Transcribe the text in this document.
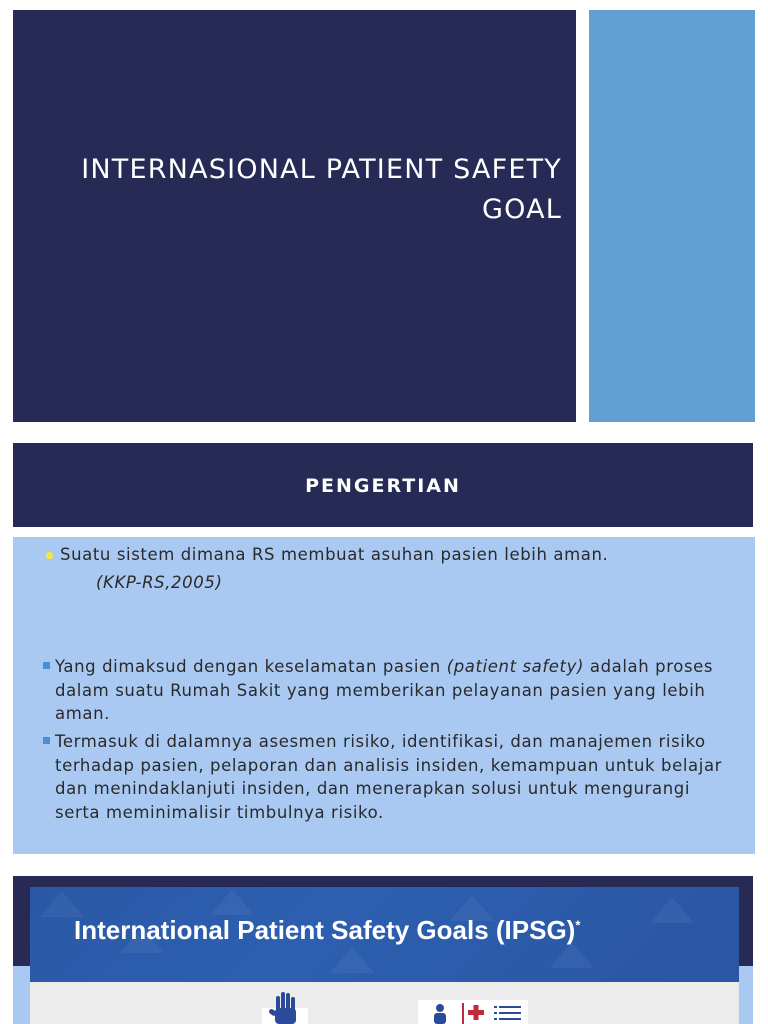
INTERNASIONAL PATIENT SAFETY
GOAL
PENGERTIAN
Suatu sistem dimana RS membuat asuhan pasien lebih aman.
(KKP-RS,2005)
Yang dimaksud dengan keselamatan pasien (patient safety) adalah proses dalam suatu Rumah Sakit yang memberikan pelayanan pasien yang lebih aman.
Termasuk di dalamnya asesmen risiko, identifikasi, dan manajemen risiko terhadap pasien, pelaporan dan analisis insiden, kemampuan untuk belajar dan menindaklanjuti insiden, dan menerapkan solusi untuk mengurangi serta meminimalisir timbulnya risiko.
International Patient Safety Goals (IPSG)*
